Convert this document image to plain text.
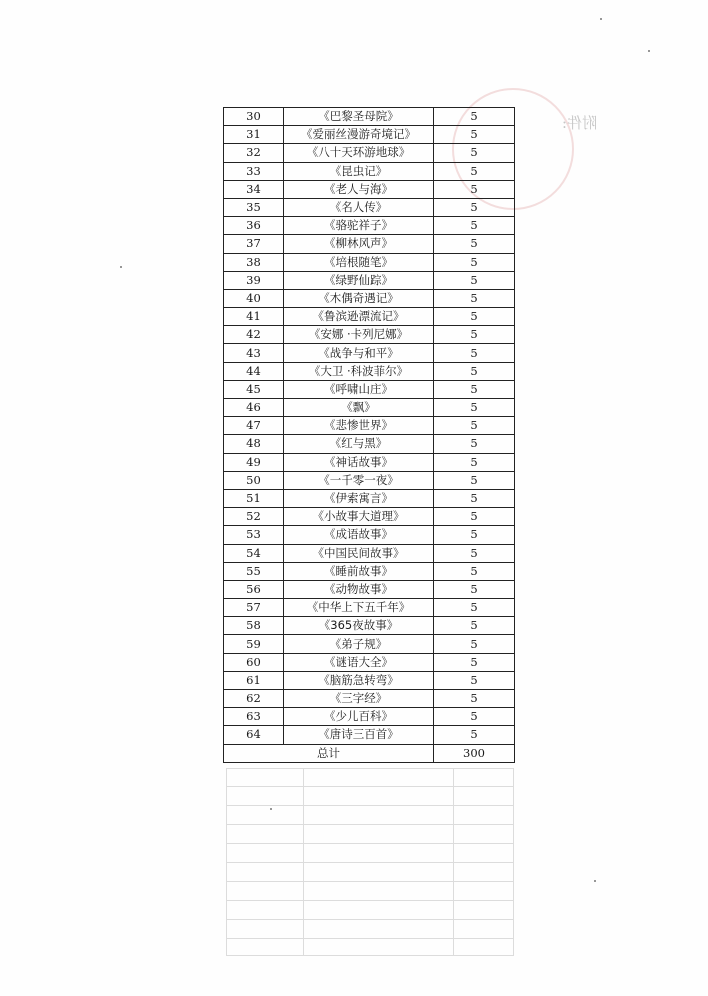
附件:
30	《巴黎圣母院》	5
31	《爱丽丝漫游奇境记》	5
32	《八十天环游地球》	5
33	《昆虫记》	5
34	《老人与海》	5
35	《名人传》	5
36	《骆驼祥子》	5
37	《柳林风声》	5
38	《培根随笔》	5
39	《绿野仙踪》	5
40	《木偶奇遇记》	5
41	《鲁滨逊漂流记》	5
42	《安娜 ·卡列尼娜》	5
43	《战争与和平》	5
44	《大卫 ·科波菲尔》	5
45	《呼啸山庄》	5
46	《飘》	5
47	《悲惨世界》	5
48	《红与黑》	5
49	《神话故事》	5
50	《一千零一夜》	5
51	《伊索寓言》	5
52	《小故事大道理》	5
53	《成语故事》	5
54	《中国民间故事》	5
55	《睡前故事》	5
56	《动物故事》	5
57	《中华上下五千年》	5
58	《365夜故事》	5
59	《弟子规》	5
60	《谜语大全》	5
61	《脑筋急转弯》	5
62	《三字经》	5
63	《少儿百科》	5
64	《唐诗三百首》	5
总计		300
